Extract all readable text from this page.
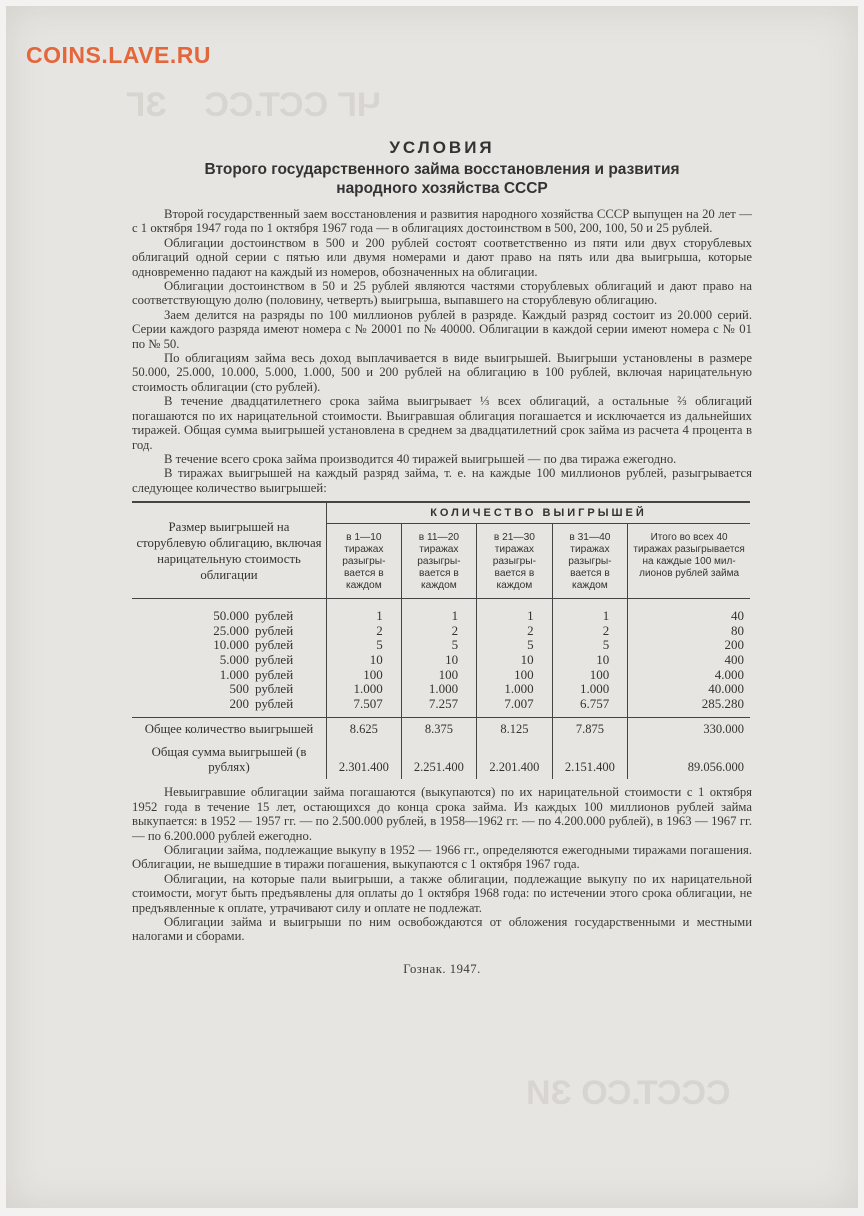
COINS.LAVE.RU
ЧГ ССТ.СС    ЗГ
СССТ.СО ЗИ
УСЛОВИЯ
Второго государственного займа восстановления и развития
народного хозяйства СССР

Второй государственный заем восстановления и развития народного хозяйства СССР выпущен на 20 лет — с 1 октября 1947 года по 1 октября 1967 года — в облигациях достоинством в 500, 200, 100, 50 и 25 рублей.

Облигации достоинством в 500 и 200 рублей состоят соответственно из пяти или двух сторублевых облигаций одной серии с пятью или двумя номерами и дают право на пять или два выигрыша, которые одновременно падают на каждый из номеров, обозначенных на облигации.

Облигации достоинством в 50 и 25 рублей являются частями сторублевых облигаций и дают право на соответствующую долю (половину, четверть) выигрыша, выпавшего на сторублевую облигацию.

Заем делится на разряды по 100 миллионов рублей в разряде. Каждый разряд состоит из 20.000 серий. Серии каждого разряда имеют номера с № 20001 по № 40000. Облигации в каждой серии имеют номера с № 01 по № 50.

По облигациям займа весь доход выплачивается в виде выигрышей. Выигрыши установлены в размере 50.000, 25.000, 10.000, 5.000, 1.000, 500 и 200 рублей на облигацию в 100 рублей, включая нарицательную стоимость облигации (сто рублей).

В течение двадцатилетнего срока займа выигрывает ⅓ всех облигаций, а остальные ⅔ облигаций погашаются по их нарицательной стоимости. Выигравшая облигация погашается и исключается из дальнейших тиражей. Общая сумма выигрышей установлена в среднем за двадцатилетний срок займа из расчета 4 процента в год.

В течение всего срока займа производится 40 тиражей выигрышей — по два тиража ежегодно.

В тиражах выигрышей на каждый разряд займа, т. е. на каждые 100 миллионов рублей, разыгрывается следующее количество выигрышей:

Размер выигрышей на сторублевую облигацию, включая нарицательную стоимость облигации	КОЛИЧЕСТВО ВЫИГРЫШЕЙ				
	в 1—10 тиражах разыгры- вается в каждом	в 11—20 тиражах разыгры- вается в каждом	в 21—30 тиражах разыгры- вается в каждом	в 31—40 тиражах разыгры- вается в каждом	Итого во всех 40 тиражах разыгрывается на каждые 100 мил- лионов рублей займа
50.000 рублей	1	1	1	1	40
25.000 рублей	2	2	2	2	80
10.000 рублей	5	5	5	5	200
5.000 рублей	10	10	10	10	400
1.000 рублей	100	100	100	100	4.000
500 рублей	1.000	1.000	1.000	1.000	40.000
200 рублей	7.507	7.257	7.007	6.757	285.280
Общее количество выигрышей	8.625	8.375	8.125	7.875	330.000
Общая сумма выигрышей (в рублях)	2.301.400	2.251.400	2.201.400	2.151.400	89.056.000

Невыигравшие облигации займа погашаются (выкупаются) по их нарицательной стоимости с 1 октября 1952 года в течение 15 лет, остающихся до конца срока займа. Из каждых 100 миллионов рублей займа выкупается: в 1952 — 1957 гг. — по 2.500.000 рублей, в 1958—1962 гг. — по 4.200.000 рублей), в 1963 — 1967 гг. — по 6.200.000 рублей ежегодно.

Облигации займа, подлежащие выкупу в 1952 — 1966 гг., определяются ежегодными тиражами погашения. Облигации, не вышедшие в тиражи погашения, выкупаются с 1 октября 1967 года.

Облигации, на которые пали выигрыши, а также облигации, подлежащие выкупу по их нарицательной стоимости, могут быть предъявлены для оплаты до 1 октября 1968 года: по истечении этого срока облигации, не предъявленные к оплате, утрачивают силу и оплате не подлежат.

Облигации займа и выигрыши по ним освобождаются от обложения государственными и местными налогами и сборами.

Гознак. 1947.
